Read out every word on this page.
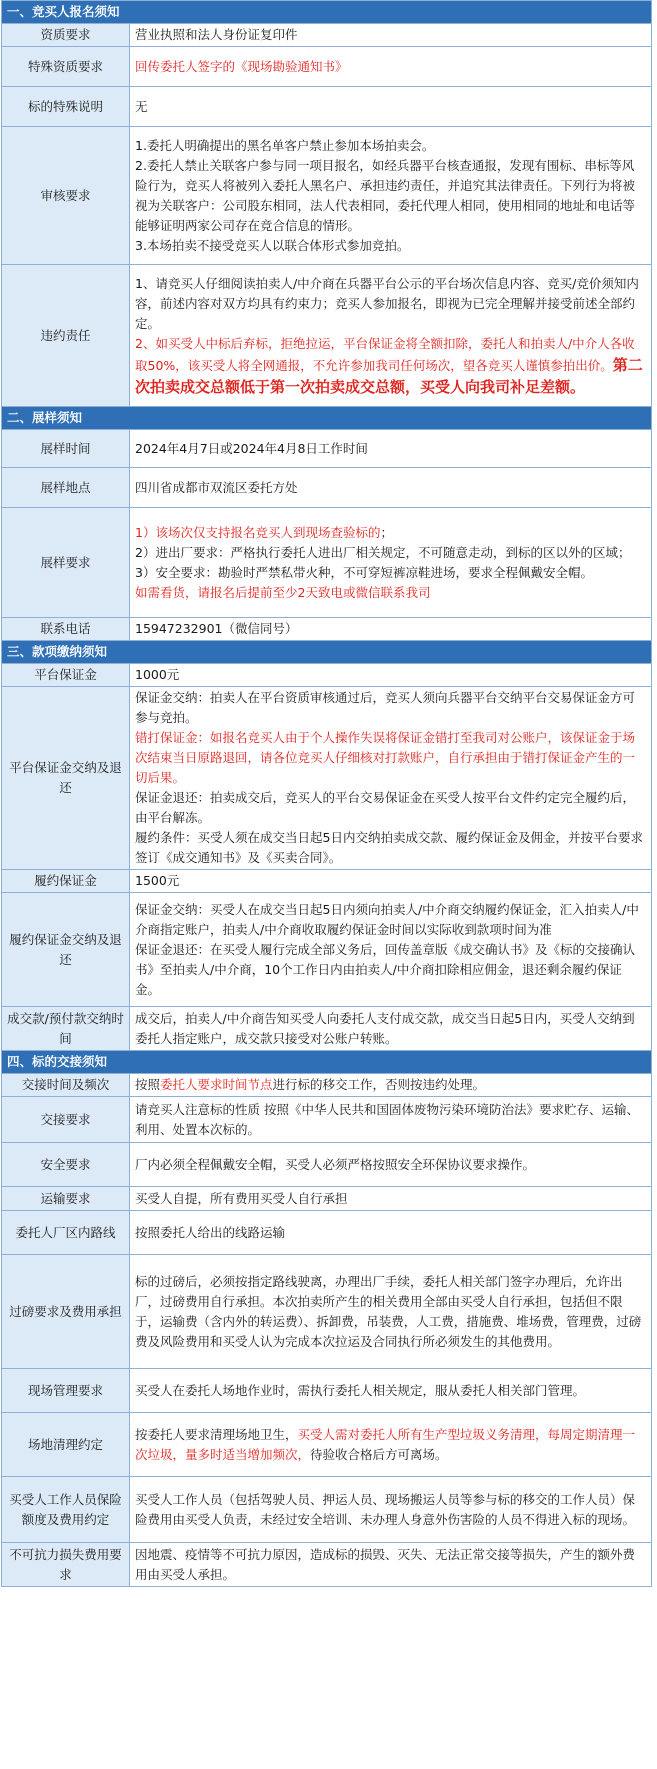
一、竞买人报名须知	
资质要求	营业执照和法人身份证复印件
特殊资质要求	回传委托人签字的《现场勘验通知书》
标的特殊说明	无
审核要求	1.委托人明确提出的黑名单客户禁止参加本场拍卖会。
2.委托人禁止关联客户参与同一项目报名，如经兵器平台核查通报，发现有围标、串标等风险行为，竞买人将被列入委托人黑名户、承担违约责任，并追究其法律责任。下列行为将被视为关联客户：公司股东相同，法人代表相同，委托代理人相同，使用相同的地址和电话等能够证明两家公司存在竞合信息的情形。
3.本场拍卖不接受竞买人以联合体形式参加竞拍。

违约责任	1、请竞买人仔细阅读拍卖人/中介商在兵器平台公示的平台场次信息内容、竞买/竞价须知内容，前述内容对双方均具有约束力；竞买人参加报名，即视为已完全理解并接受前述全部约定。
2、如买受人中标后弃标，拒绝拉运，平台保证金将全额扣除，委托人和拍卖人/中介人各收取50%，该买受人将全网通报，不允许参加我司任何场次，望各竞买人谨慎参拍出价。第二次拍卖成交总额低于第一次拍卖成交总额，买受人向我司补足差额。
二、展样须知	
展样时间	2024年4月7日或2024年4月8日工作时间
展样地点	四川省成都市双流区委托方处
展样要求	1）该场次仅支持报名竞买人到现场查验标的；
2）进出厂要求：严格执行委托人进出厂相关规定，不可随意走动，到标的区以外的区域；
3）安全要求：勘验时严禁私带火种，不可穿短裤凉鞋进场，要求全程佩戴安全帽。
如需看货，请报名后提前至少2天致电或微信联系我司

联系电话	15947232901（微信同号）
三、款项缴纳须知	
平台保证金	1000元
平台保证金交纳及退还	保证金交纳：拍卖人在平台资质审核通过后，竞买人须向兵器平台交纳平台交易保证金方可参与竞拍。
错打保证金：如报名竞买人由于个人操作失误将保证金错打至我司对公账户，该保证金于场次结束当日原路退回，请各位竞买人仔细核对打款账户，自行承担由于错打保证金产生的一切后果。
保证金退还：拍卖成交后，竞买人的平台交易保证金在买受人按平台文件约定完全履约后，由平台解冻。
履约条件：买受人须在成交当日起5日内交纳拍卖成交款、履约保证金及佣金，并按平台要求签订《成交通知书》及《买卖合同》。

履约保证金	1500元
履约保证金交纳及退还	保证金交纳：买受人在成交当日起5日内须向拍卖人/中介商交纳履约保证金，汇入拍卖人/中介商指定账户，拍卖人/中介商收取履约保证金时间以实际收到款项时间为准
保证金退还：在买受人履行完成全部义务后，回传盖章版《成交确认书》及《标的交接确认书》至拍卖人/中介商，10个工作日内由拍卖人/中介商扣除相应佣金，退还剩余履约保证金。

成交款/预付款交纳时间	成交后，拍卖人/中介商告知买受人向委托人支付成交款，成交当日起5日内，买受人交纳到委托人指定账户，成交款只接受对公账户转账。
四、标的交接须知	
交接时间及频次	按照委托人要求时间节点进行标的移交工作，否则按违约处理。
交接要求	请竞买人注意标的性质 按照《中华人民共和国固体废物污染环境防治法》要求贮存、运输、利用、处置本次标的。
安全要求	厂内必须全程佩戴安全帽，买受人必须严格按照安全环保协议要求操作。
运输要求	买受人自提，所有费用买受人自行承担
委托人厂区内路线	按照委托人给出的线路运输
过磅要求及费用承担	标的过磅后，必须按指定路线驶离，办理出厂手续，委托人相关部门签字办理后，允许出厂，过磅费用自行承担。本次拍卖所产生的相关费用全部由买受人自行承担，包括但不限于，运输费（含内外的转运费）、拆卸费，吊装费，人工费，措施费、堆场费，管理费，过磅费及风险费用和买受人认为完成本次拉运及合同执行所必须发生的其他费用。
现场管理要求	买受人在委托人场地作业时，需执行委托人相关规定，服从委托人相关部门管理。
场地清理约定	按委托人要求清理场地卫生，买受人需对委托人所有生产型垃圾义务清理，每周定期清理一次垃圾，量多时适当增加频次，待验收合格后方可离场。
买受人工作人员保险额度及费用约定	买受人工作人员（包括驾驶人员、押运人员、现场搬运人员等参与标的移交的工作人员）保险费用由买受人负责，未经过安全培训、未办理人身意外伤害险的人员不得进入标的现场。
不可抗力损失费用要求	因地震、疫情等不可抗力原因，造成标的损毁、灭失、无法正常交接等损失，产生的额外费用由买受人承担。
